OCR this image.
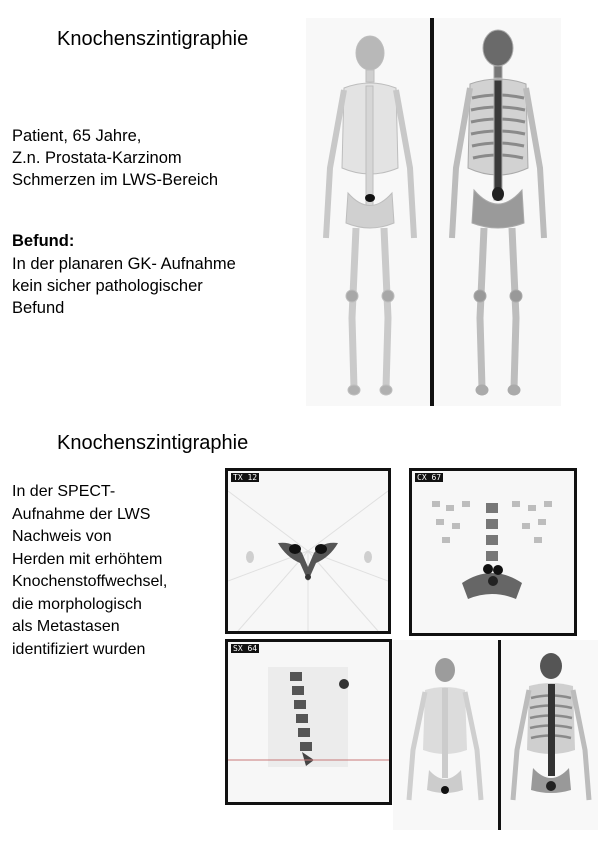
Knochenszintigraphie
Patient, 65 Jahre,
Z.n. Prostata-Karzinom
Schmerzen im LWS-Bereich
Befund:
In der planaren GK- Aufnahme
kein sicher pathologischer
Befund
Knochenszintigraphie
In der SPECT-
Aufnahme der LWS
Nachweis von
Herden mit erhöhtem
Knochenstoffwechsel,
die morphologisch
als Metastasen
identifiziert wurden
TX 12	CX 67
SX 64
